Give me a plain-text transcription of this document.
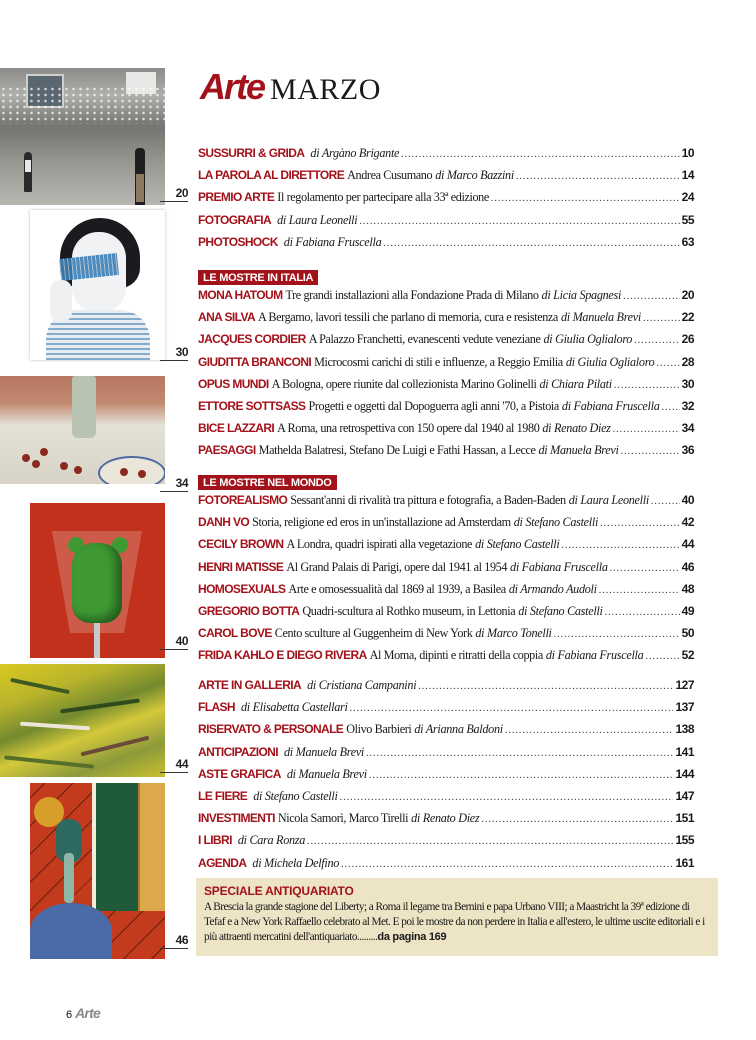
20
30
34
40
44
46
Arte MARZO
SUSSURRI & GRIDA di Argàno Brigante .....	10
LA PAROLA AL DIRETTORE Andrea Cusumano di Marco Bazzini .....	14
PREMIO ARTE Il regolamento per partecipare alla 33ª edizione .....	24
FOTOGRAFIA di Laura Leonelli .....	55
PHOTOSHOCK di Fabiana Fruscella .....	63
LE MOSTRE IN ITALIA
MONA HATOUM Tre grandi installazioni alla Fondazione Prada di Milano di Licia Spagnesi .....	20
ANA SILVA A Bergamo, lavori tessili che parlano di memoria, cura e resistenza di Manuela Brevi .....	22
JACQUES CORDIER A Palazzo Franchetti, evanescenti vedute veneziane di Giulia Oglialoro .....	26
GIUDITTA BRANCONI Microcosmi carichi di stili e influenze, a Reggio Emilia di Giulia Oglialoro ..... 28
OPUS MUNDI A Bologna, opere riunite dal collezionista Marino Golinelli di Chiara Pilati .....	30
ETTORE SOTTSASS Progetti e oggetti dal Dopoguerra agli anni '70, a Pistoia di Fabiana Fruscella ..... 32
BICE LAZZARI A Roma, una retrospettiva con 150 opere dal 1940 al 1980 di Renato Diez .....	34
PAESAGGI Mathelda Balatresi, Stefano De Luigi e Fathi Hassan, a Lecce di Manuela Brevi .....	36
LE MOSTRE NEL MONDO
FOTOREALISMO Sessant'anni di rivalità tra pittura e fotografia, a Baden-Baden di Laura Leonelli .....	40
DANH VO Storia, religione ed eros in un'installazione ad Amsterdam di Stefano Castelli .....	42
CECILY BROWN A Londra, quadri ispirati alla vegetazione di Stefano Castelli .....	44
HENRI MATISSE Al Grand Palais di Parigi, opere dal 1941 al 1954 di Fabiana Fruscella .....	46
HOMOSEXUALS Arte e omosessualità dal 1869 al 1939, a Basilea di Armando Audoli .....	48
GREGORIO BOTTA Quadri-scultura al Rothko museum, in Lettonia di Stefano Castelli .....	49
CAROL BOVE Cento sculture al Guggenheim di New York di Marco Tonelli .....	50
FRIDA KAHLO E DIEGO RIVERA Al Moma, dipinti e ritratti della coppia di Fabiana Fruscella .....	52
ARTE IN GALLERIA di Cristiana Campanini .....	127
FLASH di Elisabetta Castellari .....	137
RISERVATO & PERSONALE Olivo Barbieri di Arianna Baldoni .....	138
ANTICIPAZIONI di Manuela Brevi .....	141
ASTE GRAFICA di Manuela Brevi .....	144
LE FIERE di Stefano Castelli .....	147
INVESTIMENTI Nicola Samorì, Marco Tirelli di Renato Diez .....	151
I LIBRI di Cara Ronza .....	155
AGENDA di Michela Delfino .....	161
SPECIALE ANTIQUARIATO
A Brescia la grande stagione del Liberty; a Roma il legame tra Bernini e papa Urbano VIII; a Maastricht la 39ª edizione di Tefaf e a New York Raffaello celebrato al Met. E poi le mostre da non perdere in Italia e all'estero, le ultime uscite editoriali e i più attraenti mercatini dell'antiquariato.........da pagina 169
6 Arte
